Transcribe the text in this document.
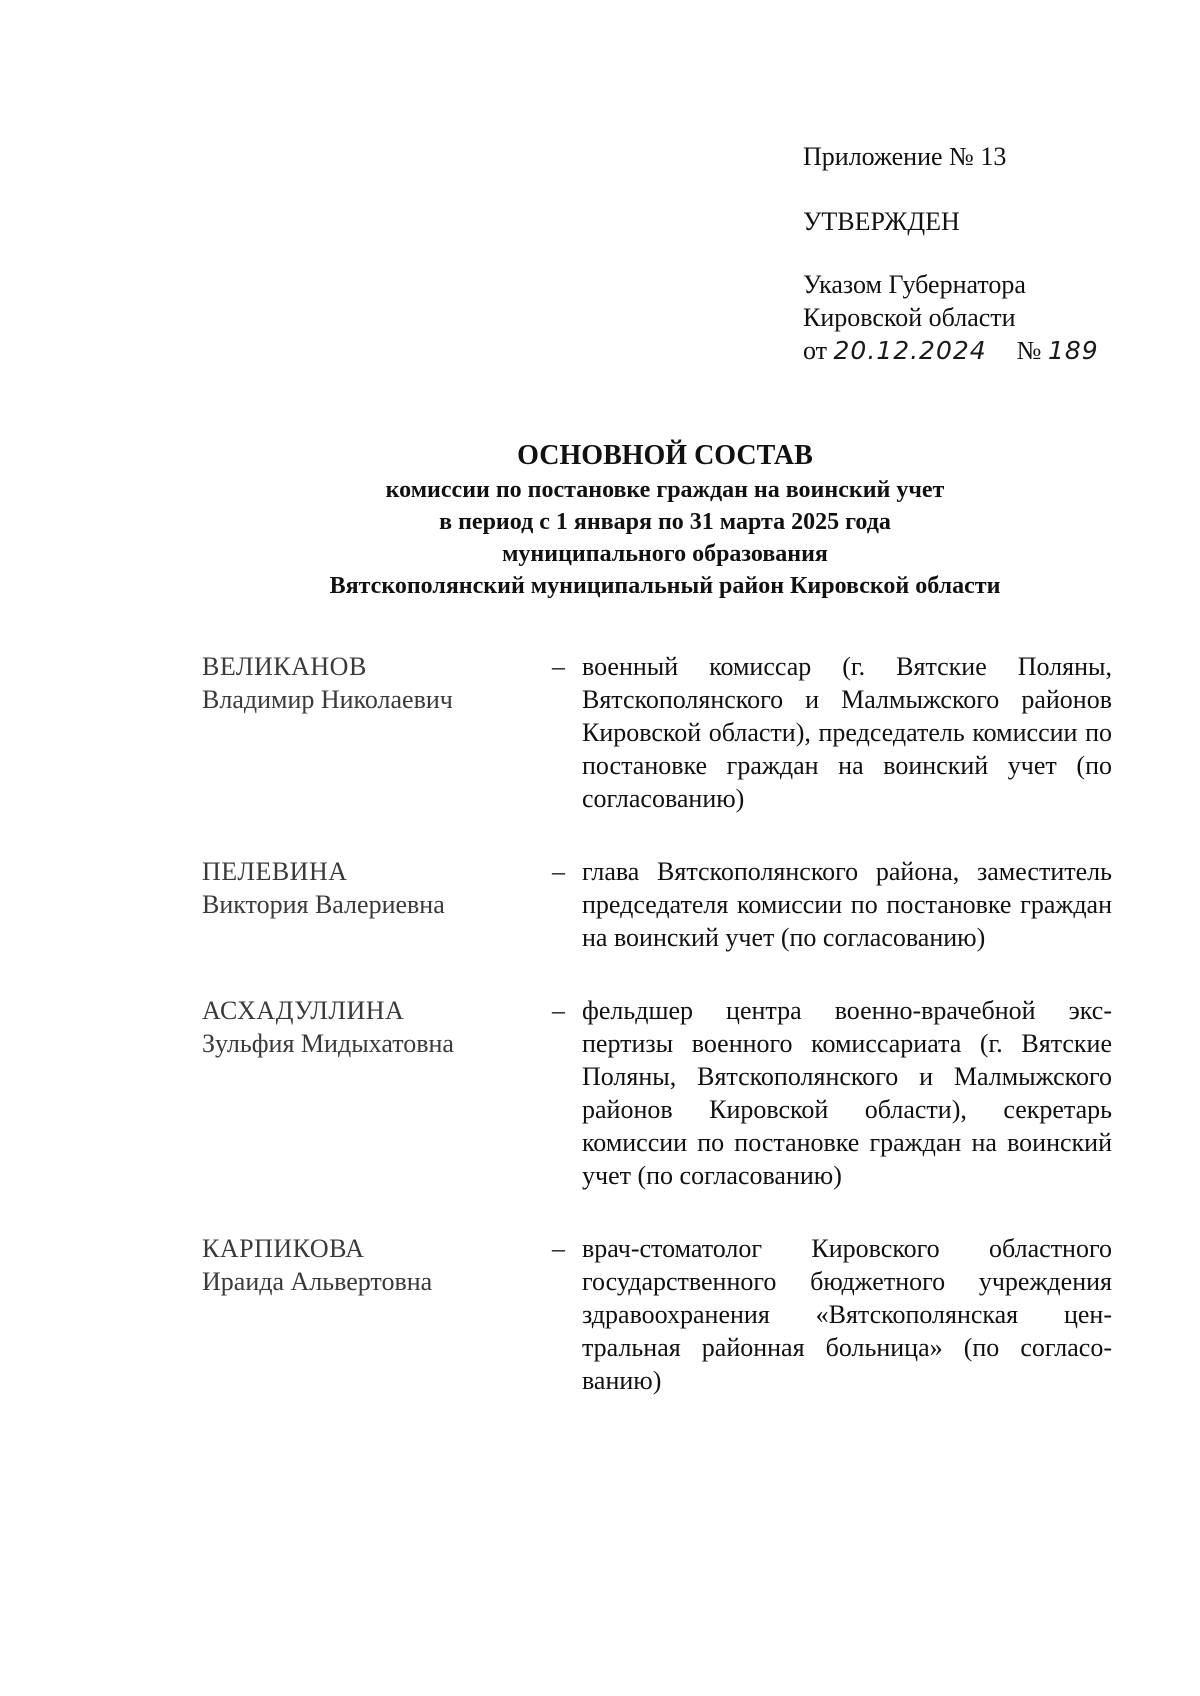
Приложение № 13

УТВЕРЖДЕН

Указом Губернатора
Кировской области
от 20.12.2024 № 189

ОСНОВНОЙ СОСТАВ

комиссии по постановке граждан на воинский учет

в период с 1 января по 31 марта 2025 года

муниципального образования

Вятскополянский муниципальный район Кировской области

ВЕЛИКАНОВ
Владимир Николаевич
– военный комиссар (г. Вятские Поляны, Вятскополянского и Малмыжского районов Кировской области), председатель комиссии по постановке граждан на воинский учет (по согласованию)
ПЕЛЕВИНА
Виктория Валериевна
– глава Вятскополянского района, заместитель председателя комиссии по постановке граждан на воинский учет (по согласованию)
АСХАДУЛЛИНА
Зульфия Мидыхатовна
– фельдшер центра военно-врачебной экспертизы военного комиссариата (г. Вятские Поляны, Вятскополянского и Малмыжского районов Кировской области), секретарь комиссии по постановке граждан на воинский учет (по согласованию)
КАРПИКОВА
Ираида Альвертовна
– врач-стоматолог Кировского областного государственного бюджетного учреждения здравоохранения «Вятскополянская центральная районная больница» (по согласованию)
